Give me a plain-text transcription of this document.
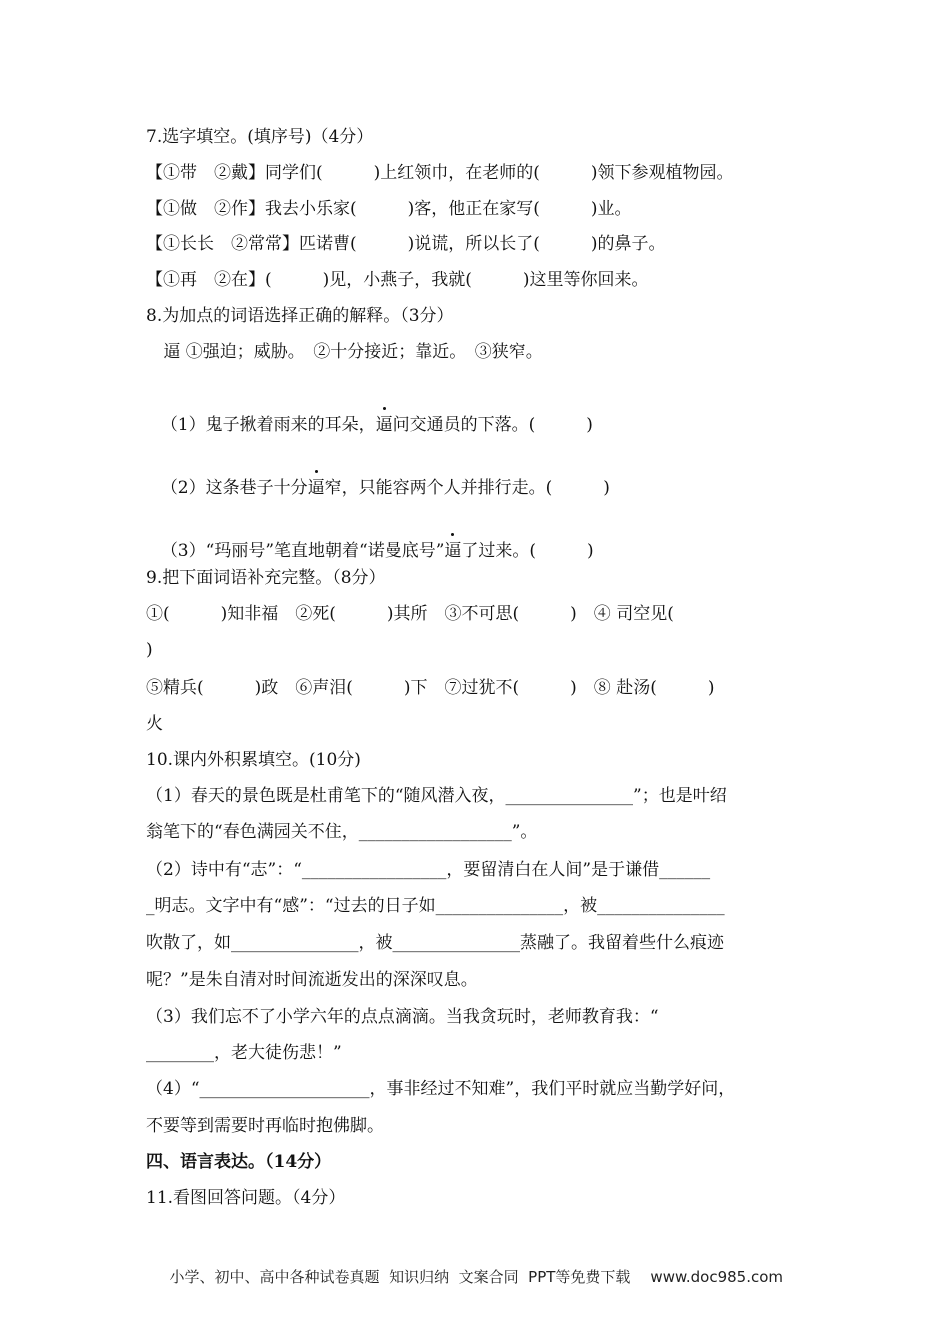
7.选字填空。(填序号)（4分）
【①带　②戴】同学们(　　　)上红领巾，在老师的(　　　)领下参观植物园。
【①做　②作】我去小乐家(　　　)客，他正在家写(　　　)业。
【①长长　②常常】匹诺曹(　　　)说谎，所以长了(　　　)的鼻子。
【①再　②在】(　　　)见，小燕子，我就(　　　)这里等你回来。
8.为加点的词语选择正确的解释。（3分）
逼 ①强迫；威胁。　②十分接近；靠近。　③狭窄。

（1）鬼子揪着雨来的耳朵，逼问交通员的下落。(　　　)

（2）这条巷子十分逼窄，只能容两个人并排行走。(　　　)

（3）“玛丽号”笔直地朝着“诺曼底号”逼了过来。(　　　)

9.把下面词语补充完整。（8分）
①(　　　)知非福　②死(　　　)其所　③不可思(　　　)　④ 司空见(
)
⑤精兵(　　　)政　⑥声泪(　　　)下　⑦过犹不(　　　)　⑧ 赴汤(　　　)
火
10.课内外积累填空。(10分)
（1）春天的景色既是杜甫笔下的“随风潜入夜，_______________”；也是叶绍
翁笔下的“春色满园关不住，__________________”。
（2）诗中有“志”：“_________________，要留清白在人间”是于谦借______
_明志。文字中有“感”：“过去的日子如_______________，被_______________
吹散了，如_______________，被_______________蒸融了。我留着些什么痕迹
呢？”是朱自清对时间流逝发出的深深叹息。
（3）我们忘不了小学六年的点点滴滴。当我贪玩时，老师教育我：“
________，老大徒伤悲！”
（4）“____________________，事非经过不知难”，我们平时就应当勤学好问，
不要等到需要时再临时抱佛脚。
四、语言表达。（14分）
11.看图回答问题。（4分）

小学、初中、高中各种试卷真题  知识归纳  文案合同  PPT等免费下载 www.doc985.com
